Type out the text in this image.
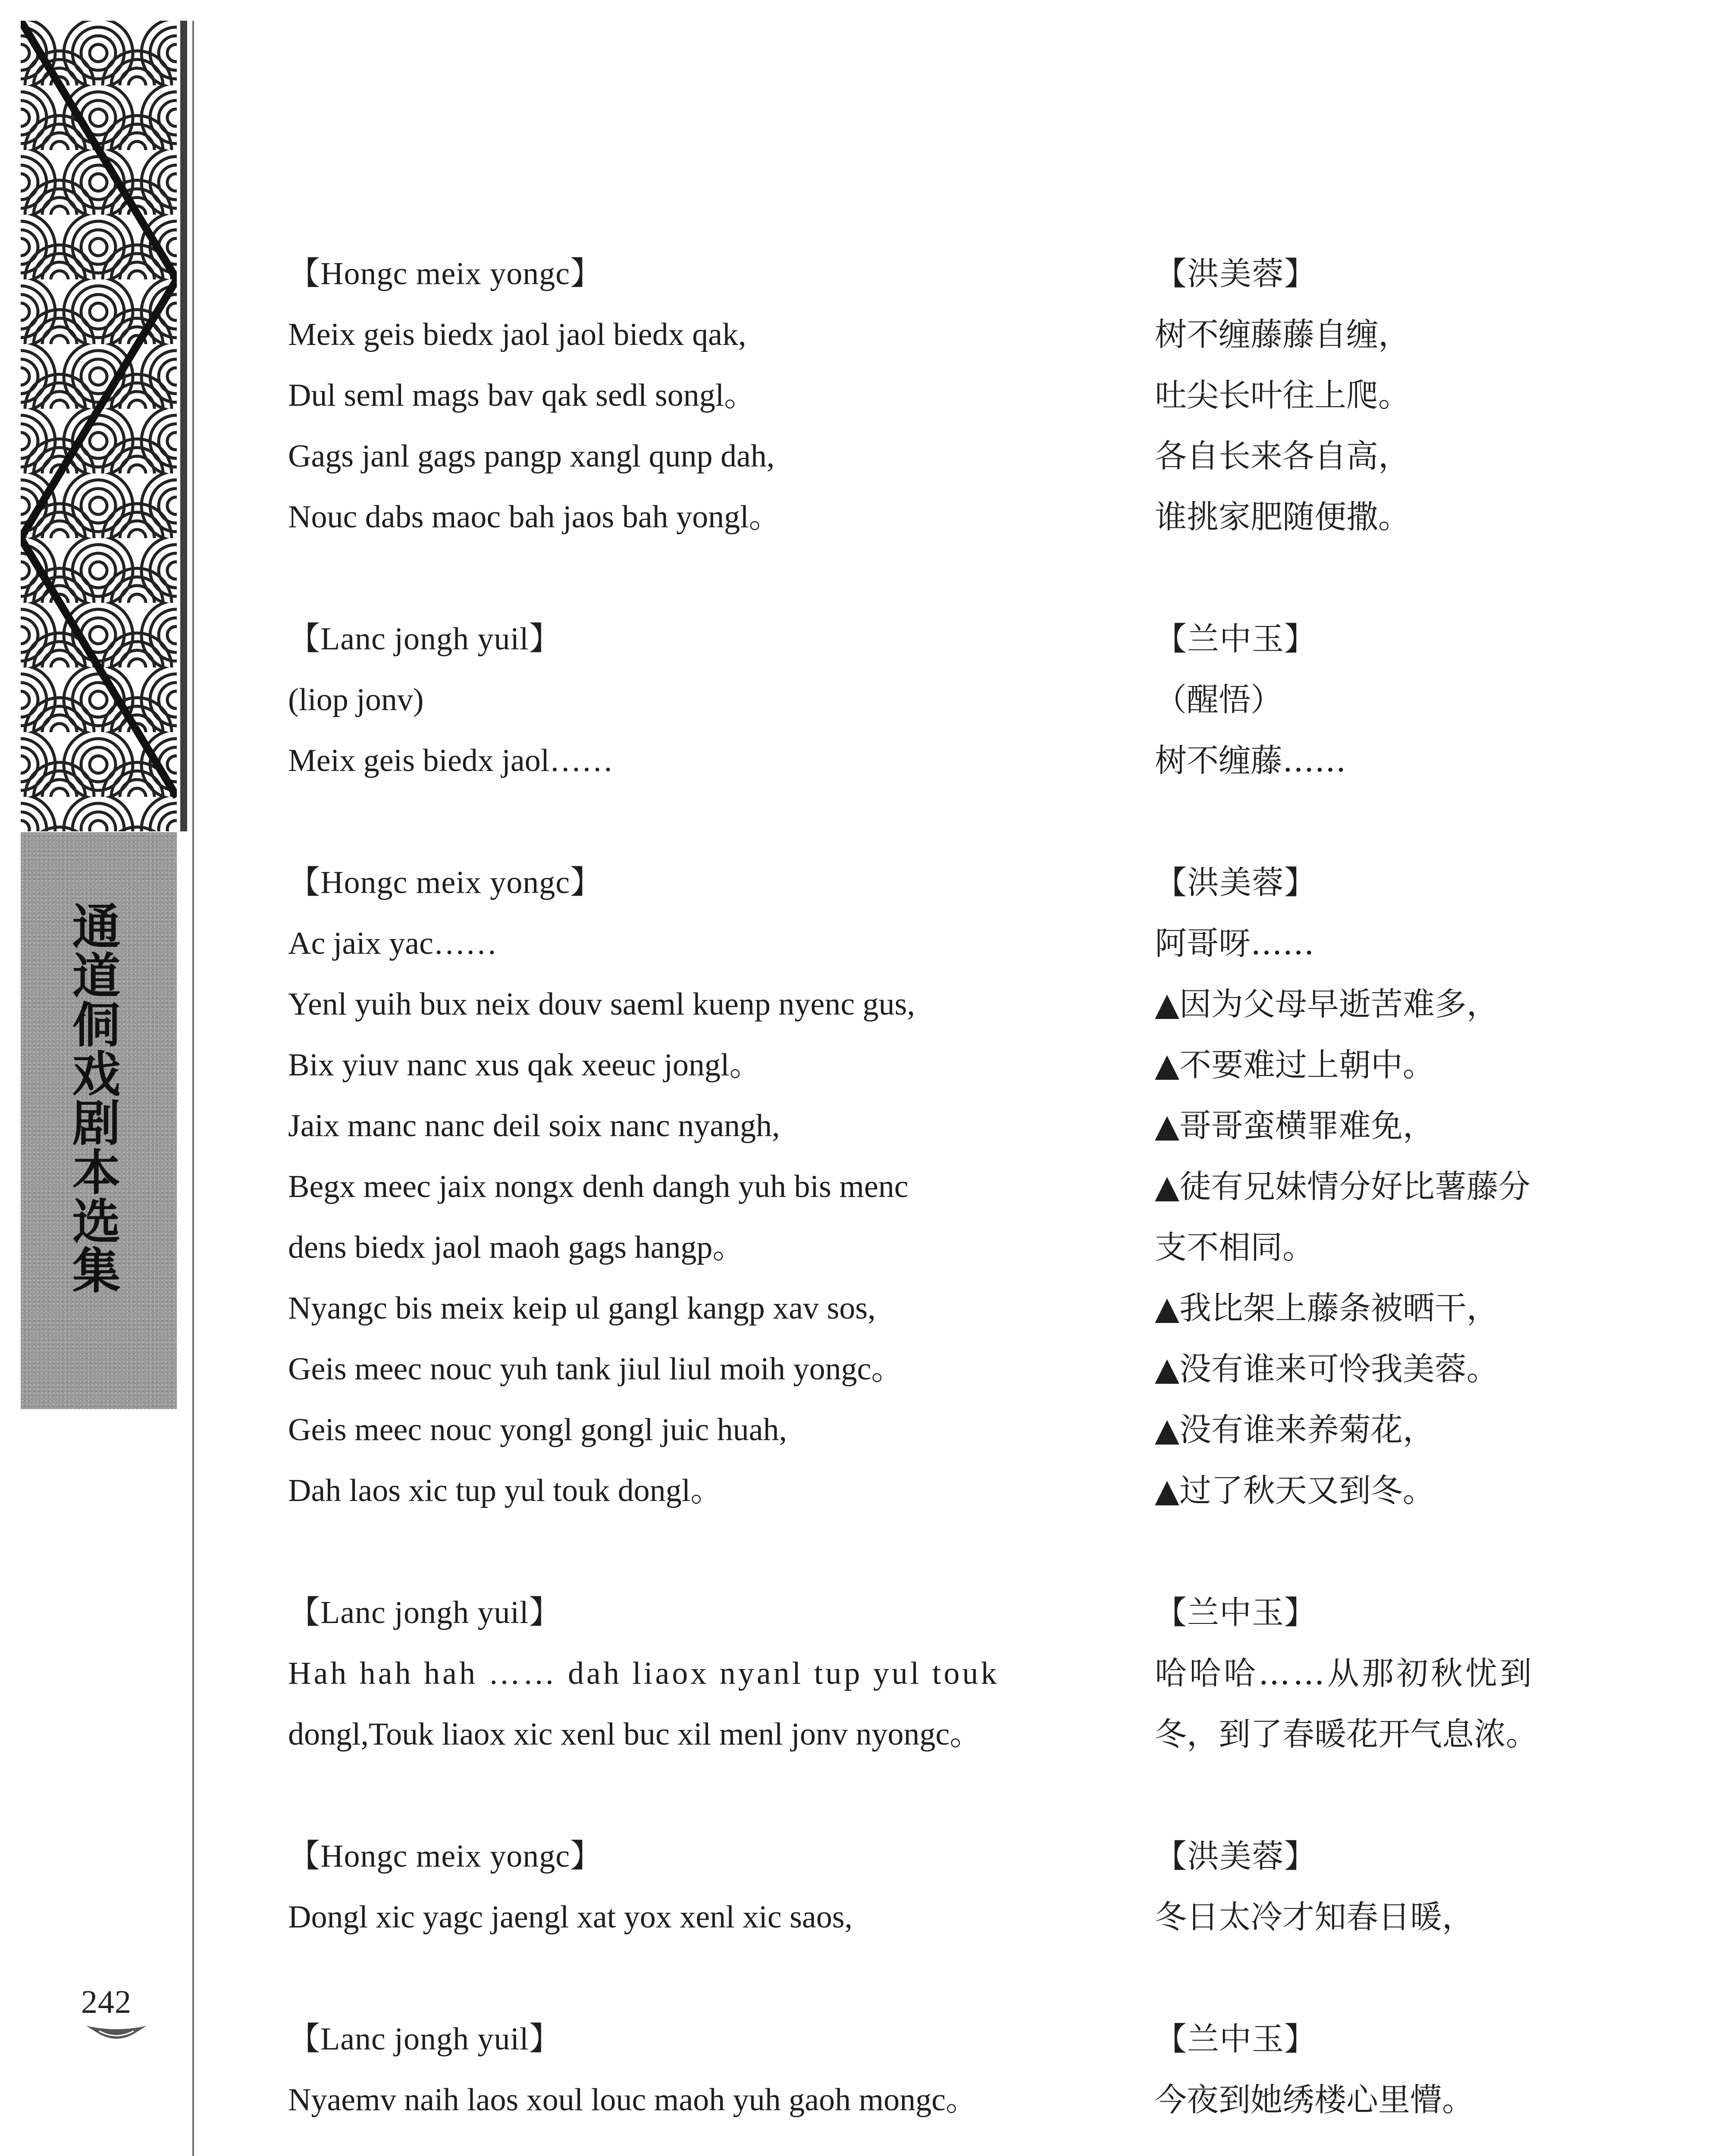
通道侗戏剧本选集
242
【Hongc meix yongc】	【洪美蓉】
Meix geis biedx jaol jaol biedx qak,	树不缠藤藤自缠，
Dul seml mags bav qak sedl songl。	吐尖长叶往上爬。
Gags janl gags pangp xangl qunp dah,	各自长来各自高，
Nouc dabs maoc bah jaos bah yongl。	谁挑家肥随便撒。
【Lanc jongh yuil】	【兰中玉】
(liop jonv)	（醒悟）
Meix geis biedx jaol……	树不缠藤……
【Hongc meix yongc】	【洪美蓉】
Ac jaix yac……	阿哥呀……
Yenl yuih bux neix douv saeml kuenp nyenc gus,	▲因为父母早逝苦难多，
Bix yiuv nanc xus qak xeeuc jongl。	▲不要难过上朝中。
Jaix manc nanc deil soix nanc nyangh,	▲哥哥蛮横罪难免，
Begx meec jaix nongx denh dangh yuh bis menc	▲徒有兄妹情分好比薯藤分
dens biedx jaol maoh gags hangp。	支不相同。
Nyangc bis meix keip ul gangl kangp xav sos,	▲我比架上藤条被晒干，
Geis meec nouc yuh tank jiul liul moih yongc。	▲没有谁来可怜我美蓉。
Geis meec nouc yongl gongl juic huah,	▲没有谁来养菊花，
Dah laos xic tup yul touk dongl。	▲过了秋天又到冬。
【Lanc jongh yuil】	【兰中玉】
Hah hah hah …… dah liaox nyanl tup yul touk	哈哈哈……从那初秋忧到
dongl,Touk liaox xic xenl buc xil menl jonv nyongc。	冬，到了春暖花开气息浓。
【Hongc meix yongc】	【洪美蓉】
Dongl xic yagc jaengl xat yox xenl xic saos,	冬日太冷才知春日暖，
【Lanc jongh yuil】	【兰中玉】
Nyaemv naih laos xoul louc maoh yuh gaoh mongc。	今夜到她绣楼心里懵。
